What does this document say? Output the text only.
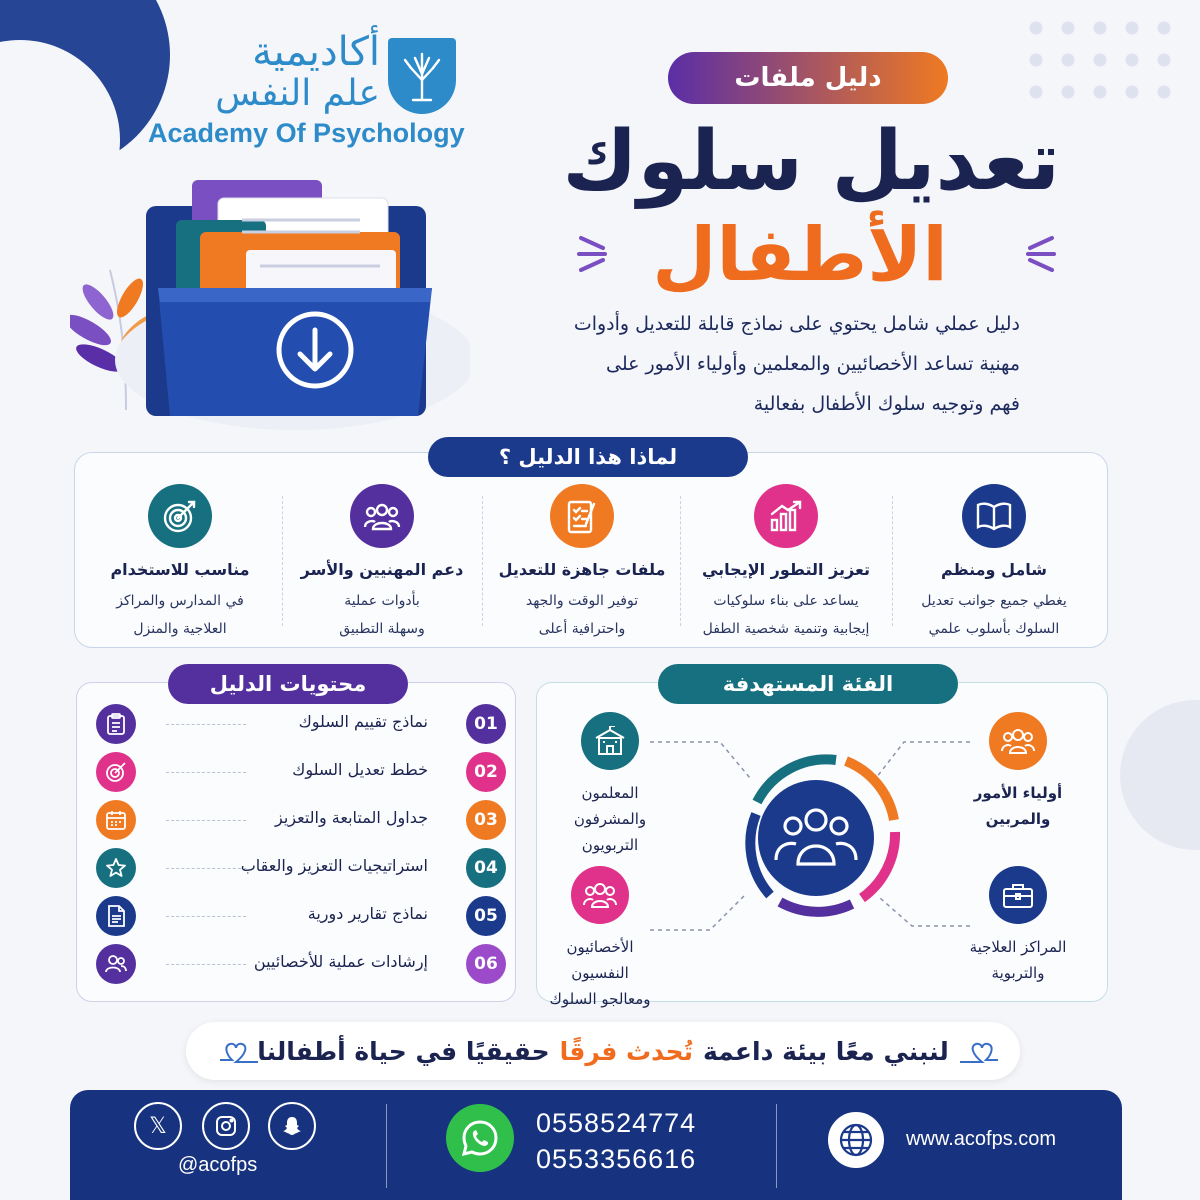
أكاديمية
علم النفس
Academy Of Psychology
دليل ملفات
تعديل سلوك
الأطفال
دليل عملي شامل يحتوي على نماذج قابلة للتعديل وأدوات
مهنية تساعد الأخصائيين والمعلمين وأولياء الأمور على
فهم وتوجيه سلوك الأطفال بفعالية
لماذا هذا الدليل ؟
شامل ومنظم
يغطي جميع جوانب تعديل
السلوك بأسلوب علمي
تعزيز التطور الإيجابي
يساعد على بناء سلوكيات
إيجابية وتنمية شخصية الطفل
ملفات جاهزة للتعديل
توفير الوقت والجهد
واحترافية أعلى
دعم المهنيين والأسر
بأدوات عملية
وسهلة التطبيق
مناسب للاستخدام
في المدارس والمراكز
العلاجية والمنزل
محتويات الدليل
01
نماذج تقييم السلوك
02
خطط تعديل السلوك
03
جداول المتابعة والتعزيز
04
استراتيجيات التعزيز والعقاب
05
نماذج تقارير دورية
06
إرشادات عملية للأخصائيين
الفئة المستهدفة
المعلمون
والمشرفون
التربويون
أولياء الأمور
والمربين
الأخصائيون
النفسيون
ومعالجو السلوك
المراكز العلاجية
والتربوية
لنبني معًا بيئة داعمة
تُحدث فرقًا
حقيقيًا في حياة أطفالنا
𝕏
@acofps
0558524774
0553356616
www.acofps.com
